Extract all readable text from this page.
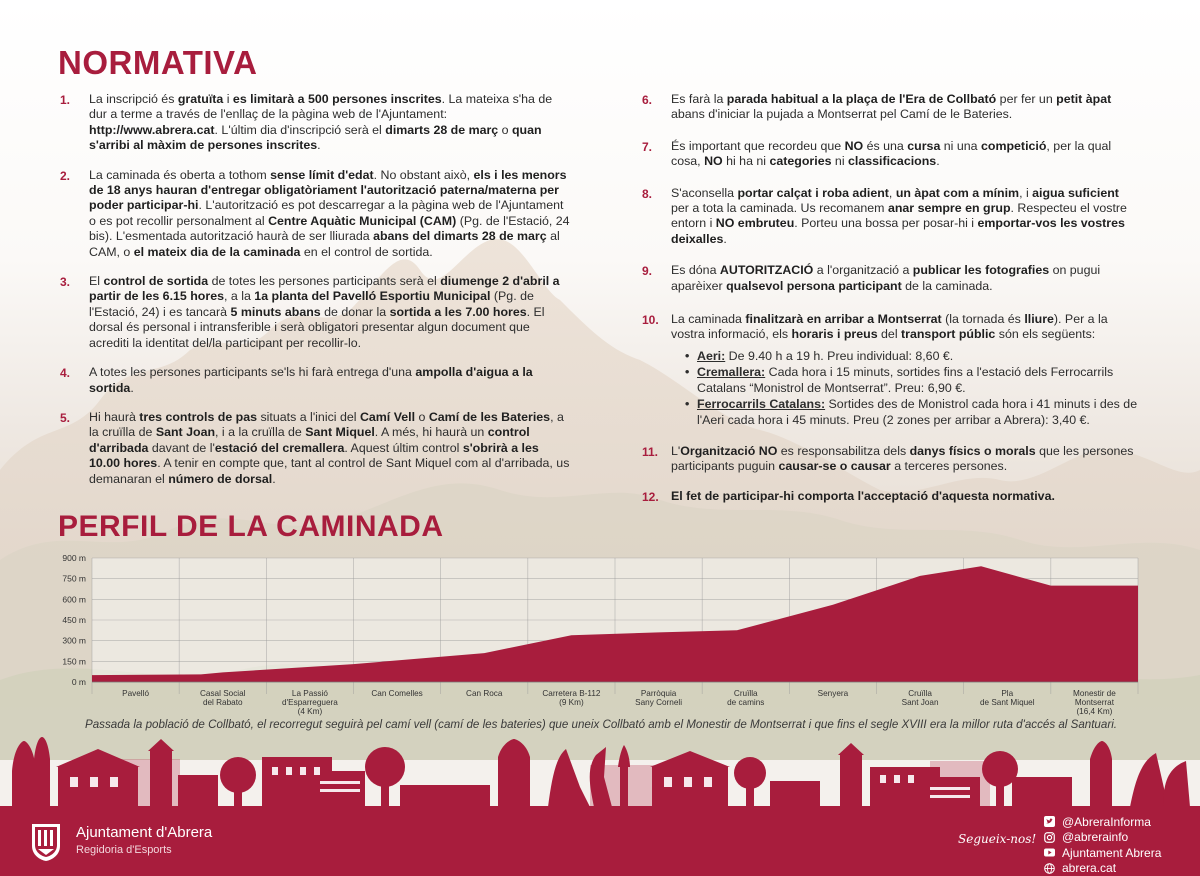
NORMATIVA
1. La inscripció és gratuïta i es limitarà a 500 persones inscrites. La mateixa s'ha de dur a terme a través de l'enllaç de la pàgina web de l'Ajuntament: http://www.abrera.cat. L'últim dia d'inscripció serà el dimarts 28 de març o quan s'arribi al màxim de persones inscrites.

2. La caminada és oberta a tothom sense límit d'edat. No obstant això, els i les menors de 18 anys hauran d'entregar obligatòriament l'autorització paterna/materna per poder participar-hi. L'autorització es pot descarregar a la pàgina web de l'Ajuntament o es pot recollir personalment al Centre Aquàtic Municipal (CAM) (Pg. de l'Estació, 24 bis). L'esmentada autorització haurà de ser lliurada abans del dimarts 28 de març al CAM, o el mateix dia de la caminada en el control de sortida.

3. El control de sortida de totes les persones participants serà el diumenge 2 d'abril a partir de les 6.15 hores, a la 1a planta del Pavelló Esportiu Municipal (Pg. de l'Estació, 24) i es tancarà 5 minuts abans de donar la sortida a les 7.00 hores. El dorsal és personal i intransferible i serà obligatori presentar algun document que acrediti la identitat del/la participant per recollir-lo.

4. A totes les persones participants se'ls hi farà entrega d'una ampolla d'aigua a la sortida.

5. Hi haurà tres controls de pas situats a l'inici del Camí Vell o Camí de les Bateries, a la cruïlla de Sant Joan, i a la cruïlla de Sant Miquel. A més, hi haurà un control d'arribada davant de l'estació del cremallera. Aquest últim control s'obrirà a les 10.00 hores. A tenir en compte que, tant al control de Sant Miquel com al d'arribada, us demanaran el número de dorsal.

6. Es farà la parada habitual a la plaça de l'Era de Collbató per fer un petit àpat abans d'iniciar la pujada a Montserrat pel Camí de le Bateries.

7. És important que recordeu que NO és una cursa ni una competició, per la qual cosa, NO hi ha ni categories ni classificacions.

8. S'aconsella portar calçat i roba adient, un àpat com a mínim, i aigua suficient per a tota la caminada. Us recomanem anar sempre en grup. Respecteu el vostre entorn i NO embruteu. Porteu una bossa per posar-hi i emportar-vos les vostres deixalles.

9. Es dóna AUTORITZACIÓ a l'organització a publicar les fotografies on pugui aparèixer qualsevol persona participant de la caminada.

10. La caminada finalitzarà en arribar a Montserrat (la tornada és lliure). Per a la vostra informació, els horaris i preus del transport públic són els següents:

• Aeri: De 9.40 h a 19 h. Preu individual: 8,60 €.
• Cremallera: Cada hora i 15 minuts, sortides fins a l'estació dels Ferrocarrils Catalans “Monistrol de Montserrat”. Preu: 6,90 €.
• Ferrocarrils Catalans: Sortides des de Monistrol cada hora i 41 minuts i des de l'Aeri cada hora i 45 minuts. Preu (2 zones per arribar a Abrera): 3,40 €.
11. L'Organització NO es responsabilitza dels danys físics o morals que les persones participants puguin causar-se o causar a terceres persones.

12. El fet de participar-hi comporta l'acceptació d'aquesta normativa.

PERFIL DE LA CAMINADA
0 m
150 m
300 m
450 m
600 m
750 m
900 m
Pavelló	Casal Social del Rabato
La Passió d'Esparreguera (4 Km)
Can Comelles	Can Roca	Carretera B-112 (9 Km)
Parròquia Sany Corneli
Cruïlla de camins
Senyera	Cruïlla Sant Joan
Pla de Sant Miquel
Monestir de Montserrat (16,4 Km)
Passada la població de Collbató, el recorregut seguirà pel camí vell (camí de les bateries) que uneix Collbató amb el Monestir de Montserrat i que fins el segle XVIII era la millor ruta d'accés al Santuari.
Ajuntament d'Abrera
Regidoria d'Esports
Segueix-nos!
@AbreraInforma
@abrerainfo
Ajuntament Abrera
abrera.cat
